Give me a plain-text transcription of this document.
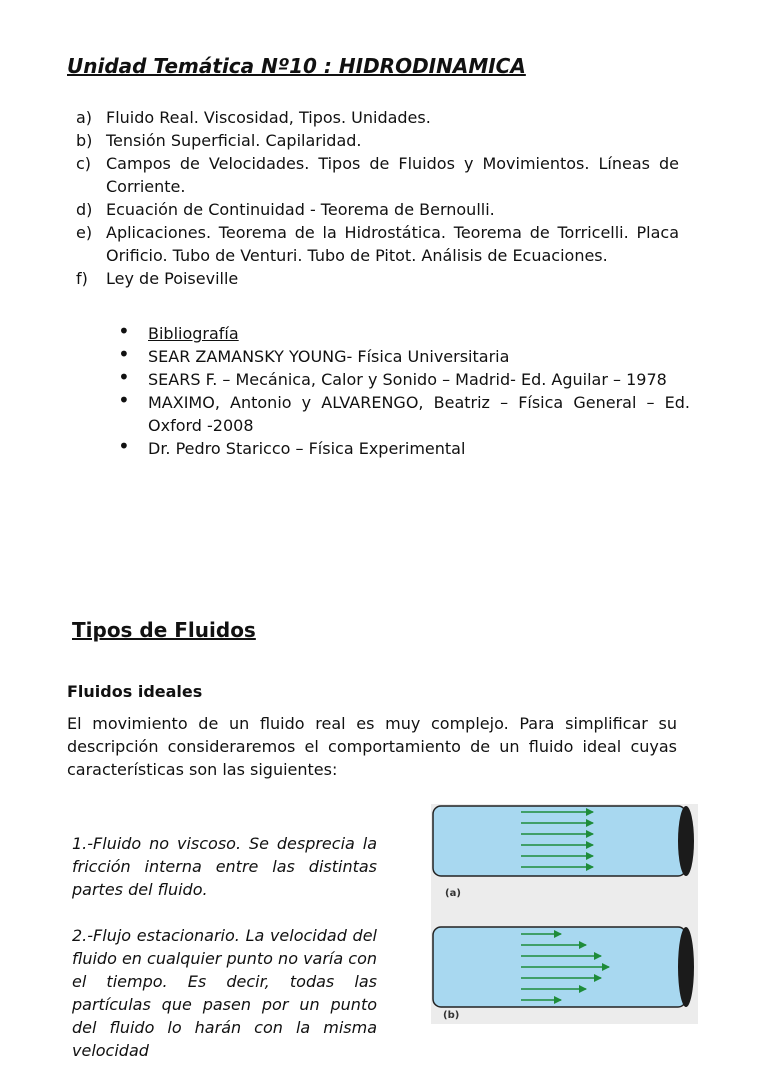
Unidad Temática Nº10 : HIDRODINAMICA
a) Fluido Real. Viscosidad, Tipos. Unidades.
b) Tensión Superficial. Capilaridad.
c) Campos de Velocidades. Tipos de Fluidos y Movimientos. Líneas de Corriente.
d) Ecuación de Continuidad - Teorema de Bernoulli.
e) Aplicaciones. Teorema de la Hidrostática. Teorema de Torricelli. Placa Orificio. Tubo de Venturi. Tubo de Pitot. Análisis de Ecuaciones.
f) Ley de Poiseville
• Bibliografía
• SEAR ZAMANSKY YOUNG- Física Universitaria
• SEARS F. – Mecánica, Calor y Sonido – Madrid- Ed. Aguilar – 1978
• MAXIMO, Antonio y ALVARENGO, Beatriz – Física General – Ed. Oxford -2008
• Dr. Pedro Staricco – Física Experimental
Tipos de Fluidos
Fluidos ideales
El movimiento de un fluido real es muy complejo. Para simplificar su descripción consideraremos el comportamiento de un fluido ideal cuyas características son las siguientes:

1.-Fluido no viscoso. Se desprecia la fricción interna entre las distintas partes del fluido.

2.-Flujo estacionario. La velocidad del fluido en cualquier punto no varía con el tiempo. Es decir, todas las partículas que pasen por un punto del fluido lo harán con la misma velocidad

(a)
(b)
